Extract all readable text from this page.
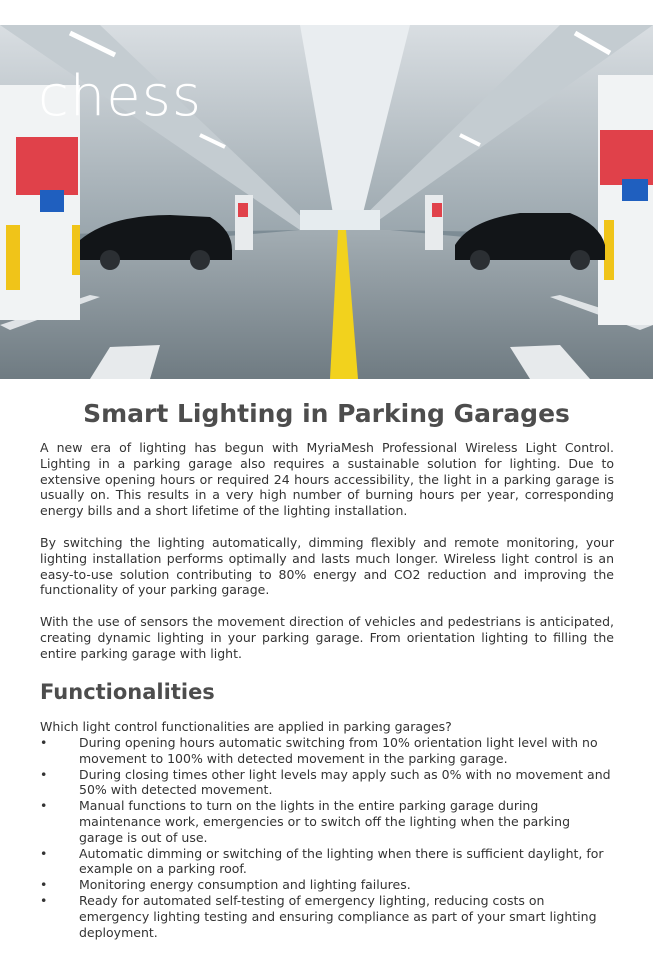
chess
Smart Lighting in Parking Garages

A new era of lighting has begun with MyriaMesh Professional Wireless Light Control. Lighting in a parking garage also requires a sustainable solution for lighting. Due to extensive opening hours or required 24 hours accessibility, the light in a parking garage is usually on. This results in a very high number of burning hours per year, corresponding energy bills and a short lifetime of the lighting installation.

By switching the lighting automatically, dimming flexibly and remote monitoring, your lighting installation performs optimally and lasts much longer. Wireless light control is an easy-to-use solution contributing to 80% energy and CO2 reduction and improving the functionality of your parking garage.

With the use of sensors the movement direction of vehicles and pedestrians is anticipated, creating dynamic lighting in your parking garage. From orientation lighting to filling the entire parking garage with light.

Functionalities

Which light control functionalities are applied in parking garages?

•	During opening hours automatic switching from 10% orientation light level with no movement to 100% with detected movement in the parking garage.
•	During closing times other light levels may apply such as 0% with no movement and 50% with detected movement.
•	Manual functions to turn on the lights in the entire parking garage during maintenance work, emergencies or to switch off the lighting when the parking garage is out of use.
•	Automatic dimming or switching of the lighting when there is sufficient daylight, for example on a parking roof.
•	Monitoring energy consumption and lighting failures.
•	Ready for automated self-testing of emergency lighting, reducing costs on emergency lighting testing and ensuring compliance as part of your smart lighting deployment.
